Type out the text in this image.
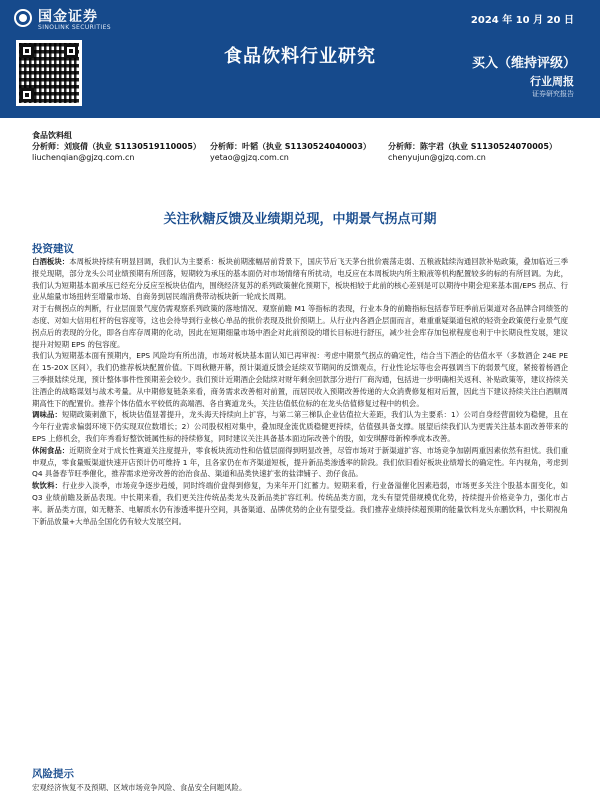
国金证券
SINOLINK SECURITIES
2024 年 10 月 20 日
食品饮料行业研究	买入（维持评级）
行业周报
证券研究报告
食品饮料组
分析师：刘宸倩（执业 S1130519110005）
liuchenqian@gjzq.com.cn
分析师：叶韬（执业 S1130524040003）
yetao@gjzq.com.cn
分析师：陈宇君（执业 S1130524070005）
chenyujun@gjzq.com.cn
关注秋糖反馈及业绩期兑现，中期景气拐点可期
投资建议

白酒板块：本周板块持续有明显回调，我们认为主要系：板块前期涨幅居前背景下，国庆节后飞天茅台批价震荡走弱、五粮液陆续沟通回款补贴政策，叠加临近三季报兑现期，部分龙头公司业绩预期有所回落，短期较为承压的基本面仍对市场情绪有所扰动，电反应在本周板块内所主粮液等机构配置较多的标的有所回调。为此，我们认为短期基本面承压已经充分反应至板块估值内，围绕经济复苏的系列政策催化预期下，板块相较于此前的核心差别是可以期待中期会迎来基本面/EPS 拐点、行业从缩量市场扭转至增量市场、自商务到居民端消费带动板块新一轮成长周期。

对于右侧拐点的判断，行业层面景气度仍需观察系列政策的落地情况、观察前瞻 M1 等指标的表现，行业本身的前瞻指标包括春节旺季前后渠道对各品牌合同绩签的态度、对如大信用杠杆的包容度等，这也会待导到行业核心单品的批价表现及批价预期上。从行业内各酒企层面而言，难重重疑渠道包袱的轻资金政策使行业景气度拐点后的表现的分化，即各自库存周期的化动，因此在短期细量市场中酒企对此前预设的增长目标进行舒压，减少社会库存加包袱程度也利于中长期良性发展，建议提升对短期 EPS 的包容度。

我们认为短期基本面有预期内，EPS 风险均有所出清，市场对板块基本面认知已再审视：考虑中期景气拐点的确定性，结合当下酒企的估值水平（多数酒企 24E PE 在 15-20X 区间），我们仍推荐板块配置价值。下周秋糖开幕，预计渠道反馈会延续双节期间的反馈观点，行业性论坛等也会再强调当下的弱景气度，紧接着杨酒企三季报陆续兑现，预计整体事件性预期差会较少。我们预计近期酒企会陆续对财年剩余回款部分进行厂商沟通，包括进一步明确相关返利、补贴政策等，建议持续关注酒企的战略谋划与战术考量。从中期修复链条来看，商务需求改善相对前置，而居民收入预期改善传递的大众消费修复相对后置，因此当下建议持续关注白酒顺周期高性下的配置价。推荐个体估值水平较低的高端酒、各自赛道龙头，关注估值低位标的在龙头估值修复过程中的机会。

调味品：短期政策刺激下，板块估值显著提升，龙头海天持续向上扩容，与第二第三梯队企业估值拉大差距，我们认为主要系：1）公司自身经营面较为稳健，且在今年行业需求偏弱环境下仍实现双位数增长；2）公司股权相对集中，叠加现金流优质稳健更持续，估值强具备支撑。展望后续我们认为更需关注基本面改善带来的 EPS 上修机会，我们年秀看好整饮链属性标的持续修复，同时建议关注具备基本面边际改善个的股，如安琪酵母新榨季成本改善。

休闲食品：近期资金对于成长性赛道关注度提升，零食板块流动性和估值层面得到明显改善，尽管市场对于新渠道扩容、市场竞争加剧两重因素依然有担忧。我们重申观点，零食量贩渠道快速开店预计仍可维持 1 年，且各家仍在布齐渠道短板，提升新品类渗透率的阶段。我们依旧看好板块业绩增长的确定性。年内视角，考虑到 Q4 具备春节旺季催化，推荐需求逆旁改善的治治食品、渠道和品类快速扩张的盐津铺子、劲仔食品。

软饮料：行业步入淡季，市场竞争逐步趋缓，同时终端价盘得到修复，为来年开门红蓄力。短期来看，行业备溢催化因素趋弱，市场更多关注个股基本面变化，如 Q3 业绩前瞻及新品表现。中长期来看，我们更关注传统品类龙头及新品类扩容红利。传统品类方面，龙头有望凭借规模优化势，持续提升价格竞争力，强化市占率。新品类方面，如无糖茶、电解质水仍有渗透率提升空间，具备渠道、品牌优势的企业有望受益。我们推荐业绩持续超预期的能量饮料龙头东鹏饮料，中长期视角下新品放量+大单品全国化仍有较大发展空间。

风险提示
宏观经济恢复不及预期、区域市场竞争风险、食品安全问题风险。
